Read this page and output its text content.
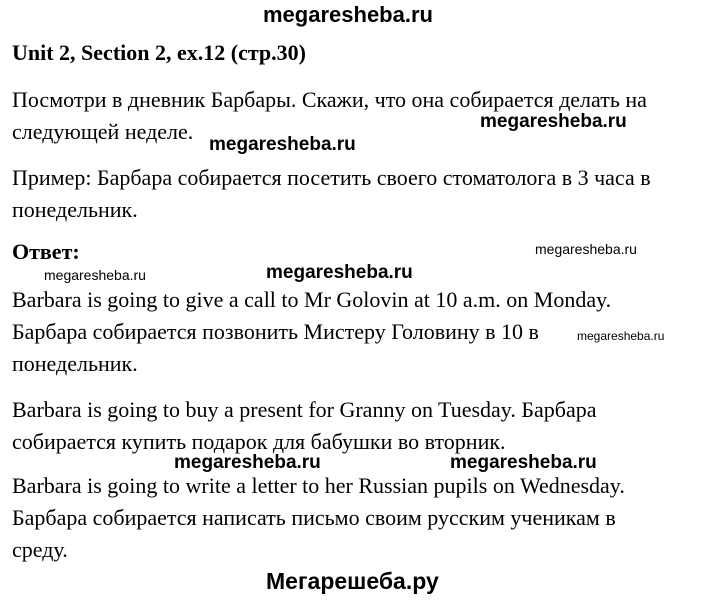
megaresheba.ru
Unit 2, Section 2, ex.12 (стр.30)
Посмотри в дневник Барбары. Скажи, что она собирается делать на
следующей неделе.
megaresheba.ru
megaresheba.ru
Пример: Барбара собирается посетить своего стоматолога в 3 часа в
понедельник.
Ответ:	megaresheba.ru
megaresheba.ru	megaresheba.ru
Barbara is going to give a call to Mr Golovin at 10 a.m. on Monday.
Барбара собирается позвонить Мистеру Головину в 10 в	megaresheba.ru
понедельник.
Barbara is going to buy a present for Granny on Tuesday. Барбара
собирается купить подарок для бабушки во вторник.
megaresheba.ru	megaresheba.ru
Barbara is going to write a letter to her Russian pupils on Wednesday.
Барбара собирается написать письмо своим русским ученикам в
среду.
Мегарешеба.ру
